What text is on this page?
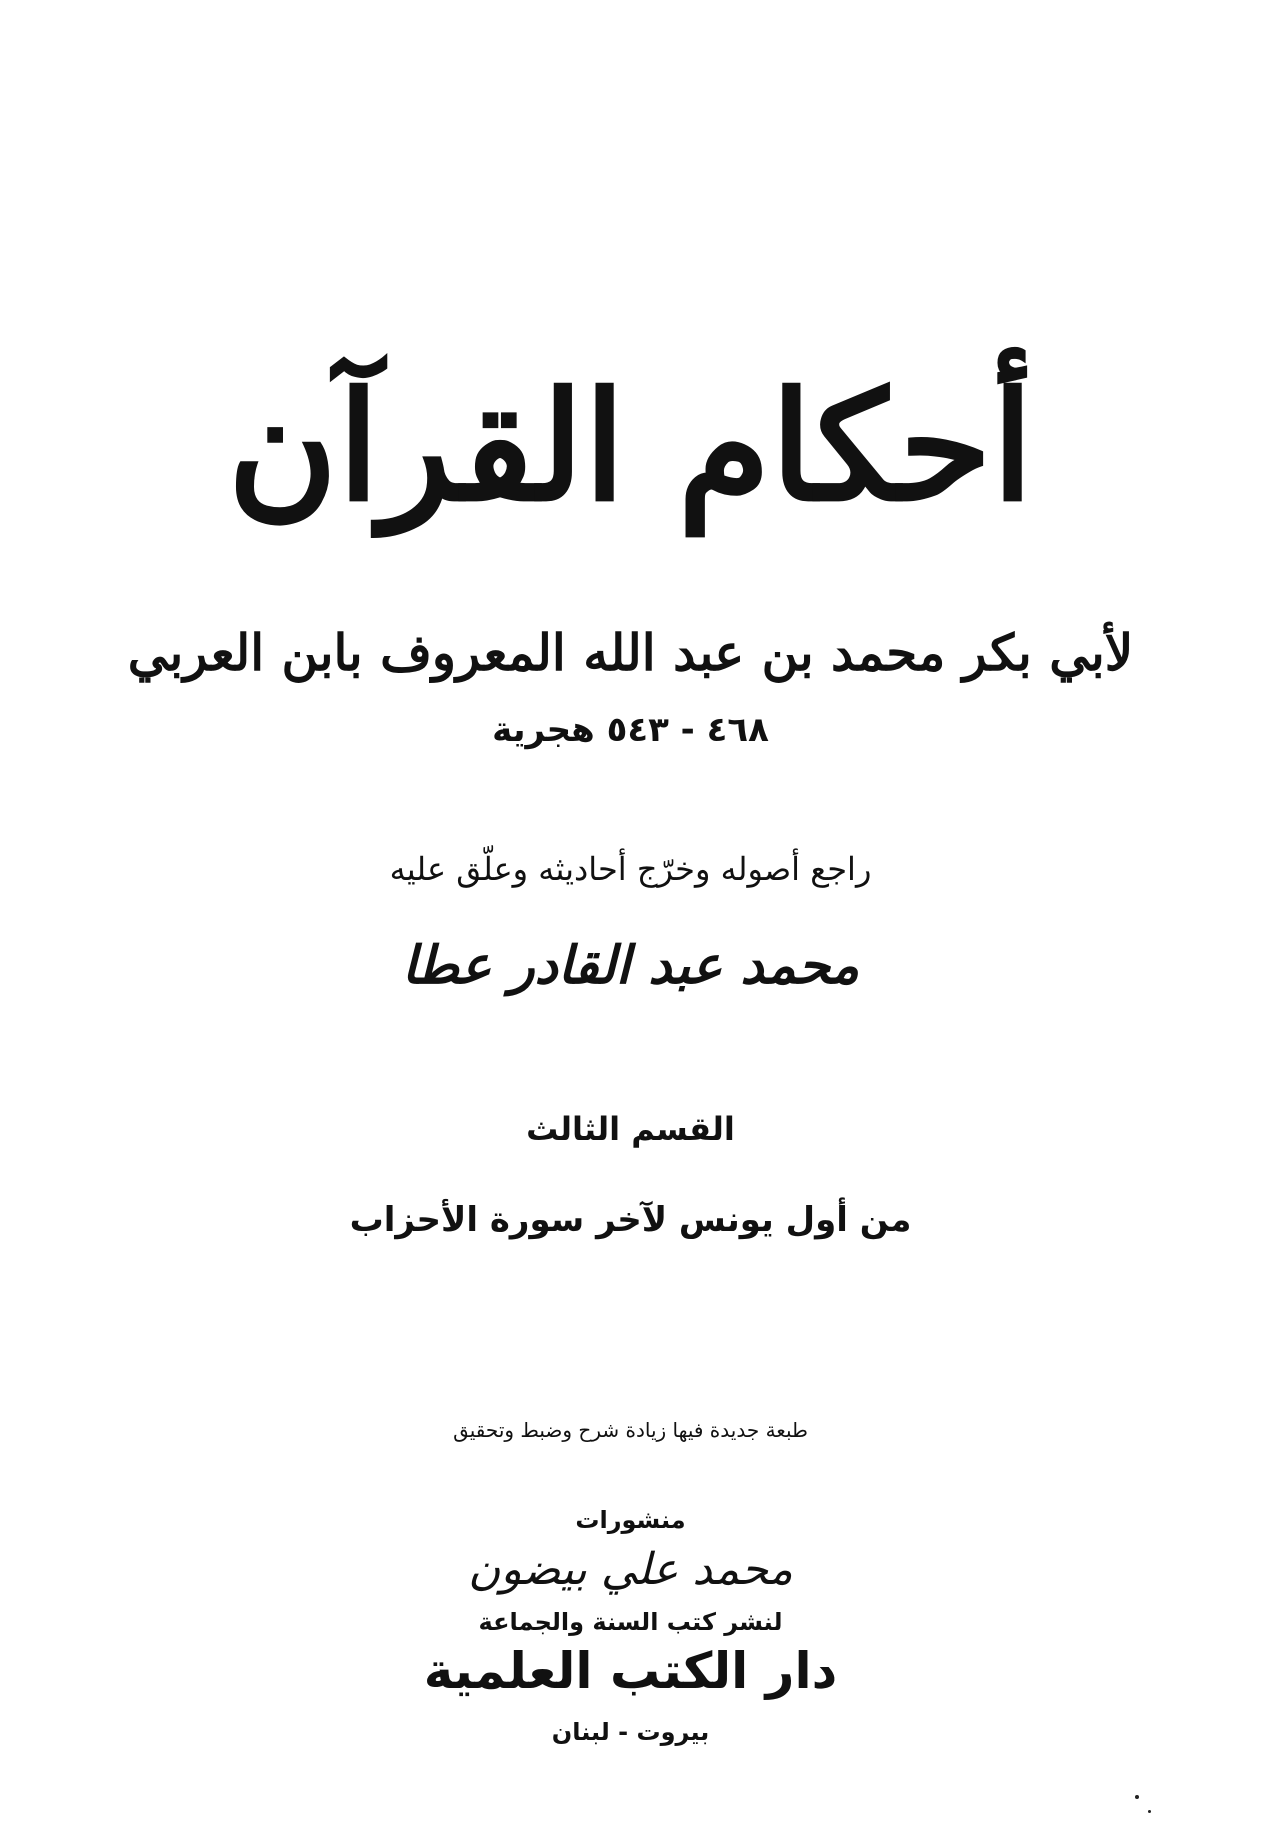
أحكام القرآن
لأبي بكر محمد بن عبد الله المعروف بابن العربي
٤٦٨ - ٥٤٣ هجرية
راجع أصوله وخرّج أحاديثه وعلّق عليه
محمد عبد القادر عطا
القسم الثالث
من أول يونس لآخر سورة الأحزاب
طبعة جديدة فيها زيادة شرح وضبط وتحقيق
منشورات
محمد علي بيضون
لنشر كتب السنة والجماعة
دار الكتب العلمية
بيروت - لبنان
